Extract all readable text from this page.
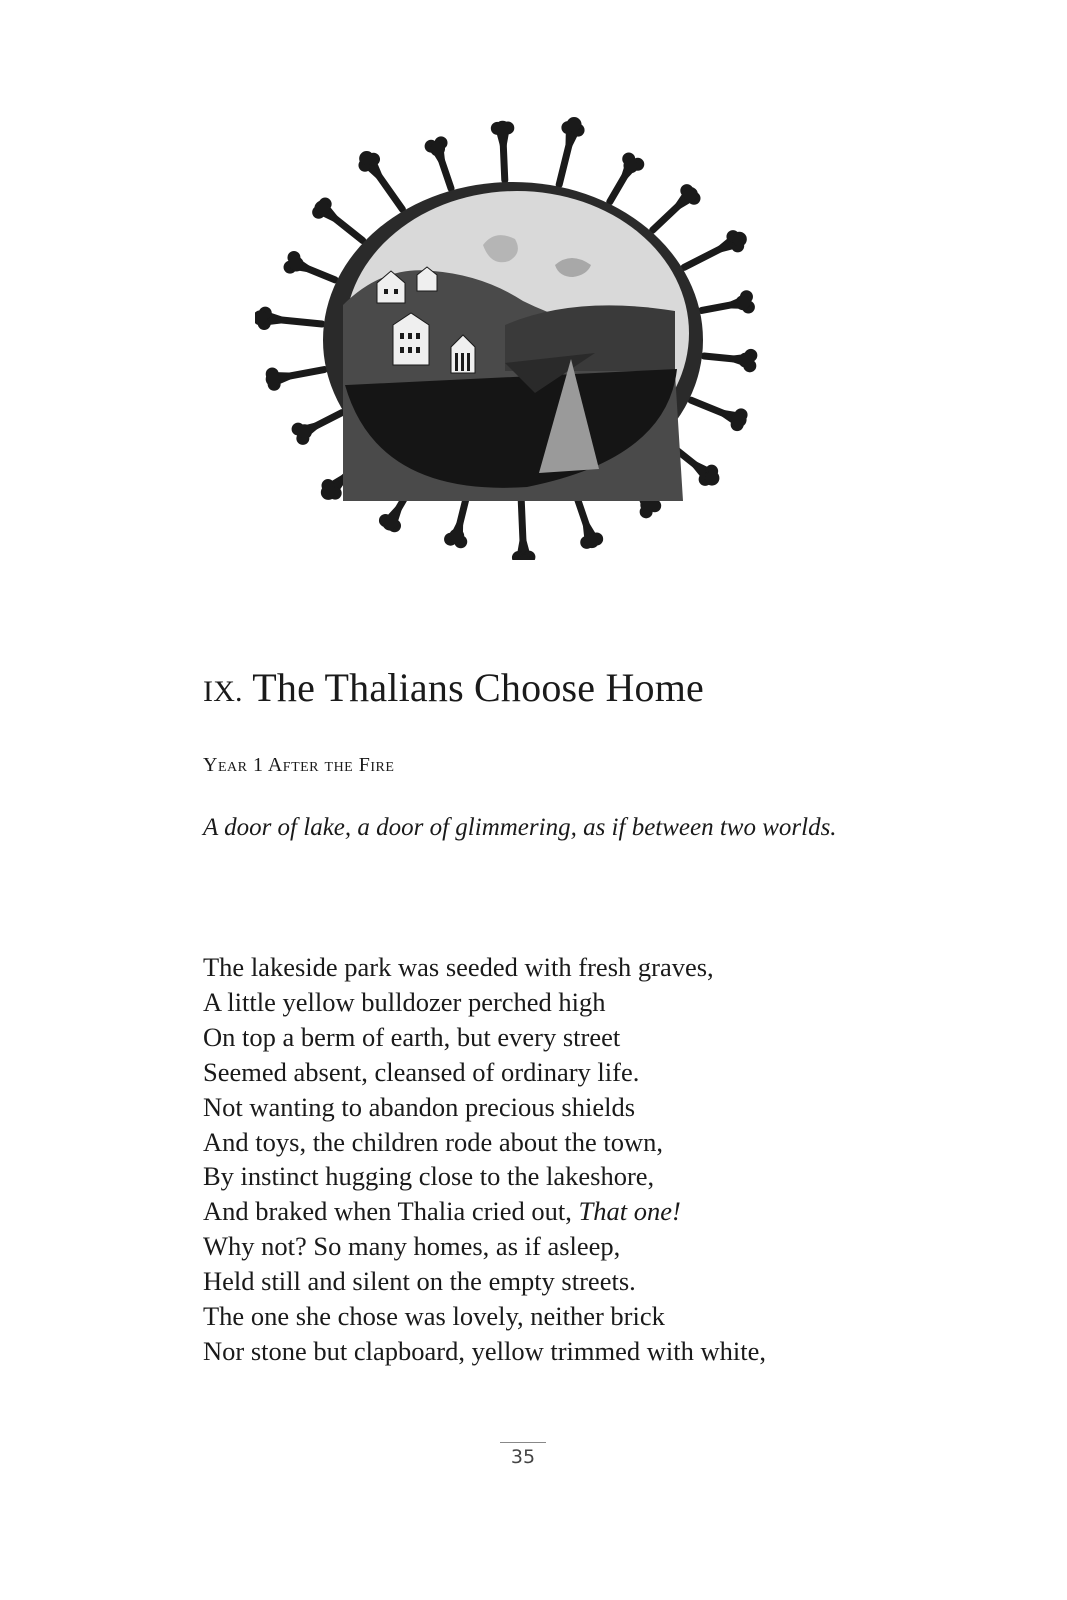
IX. The Thalians Choose Home
Year 1 After the Fire
A door of lake, a door of glimmering, as if between two worlds.
The lakeside park was seeded with fresh graves,
A little yellow bulldozer perched high
On top a berm of earth, but every street
Seemed absent, cleansed of ordinary life.
Not wanting to abandon precious shields
And toys, the children rode about the town,
By instinct hugging close to the lakeshore,
And braked when Thalia cried out, That one!
Why not? So many homes, as if asleep,
Held still and silent on the empty streets.
The one she chose was lovely, neither brick
Nor stone but clapboard, yellow trimmed with white,
35
